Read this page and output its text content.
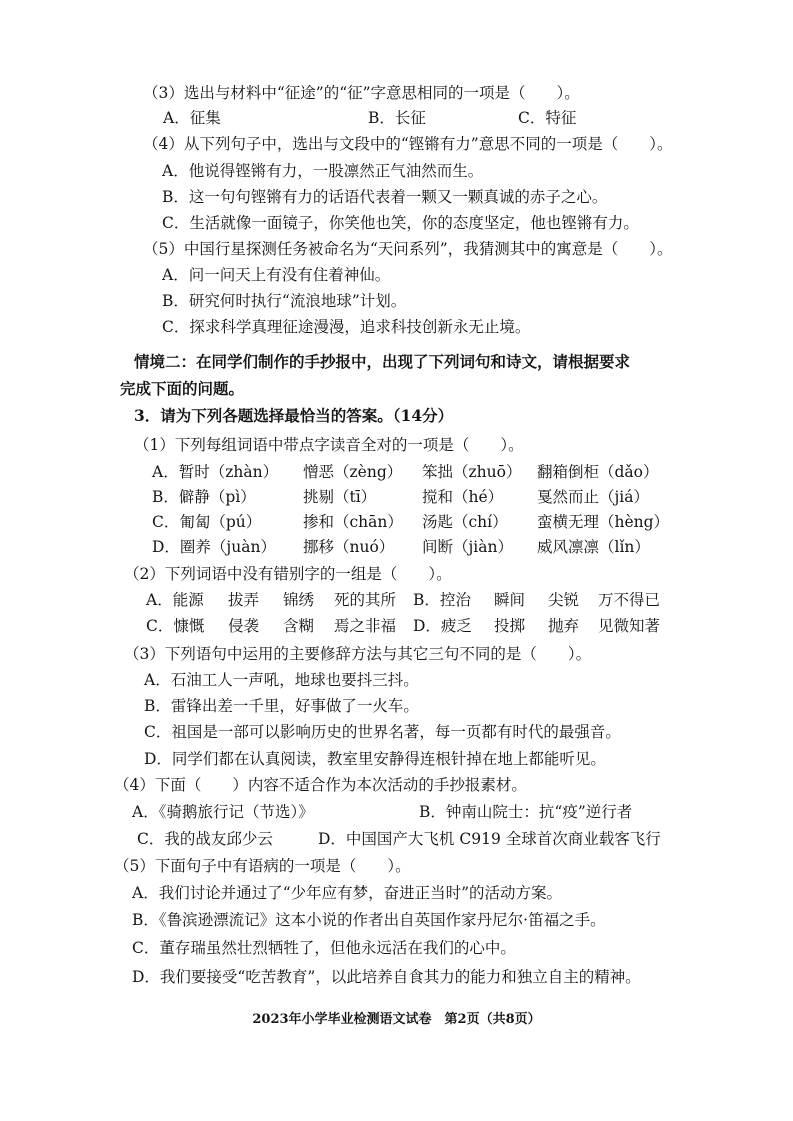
（3）选出与材料中“征途”的“征”字意思相同的一项是（　　）。
A．征集	B．长征	C．特征
（4）从下列句子中，选出与文段中的“铿锵有力”意思不同的一项是（　　）。
A．他说得铿锵有力，一股凛然正气油然而生。
B．这一句句铿锵有力的话语代表着一颗又一颗真诚的赤子之心。
C．生活就像一面镜子，你笑他也笑，你的态度坚定，他也铿锵有力。
（5）中国行星探测任务被命名为“天问系列”，我猜测其中的寓意是（　　）。
A．问一问天上有没有住着神仙。
B．研究何时执行“流浪地球”计划。
C．探求科学真理征途漫漫，追求科技创新永无止境。
情境二：在同学们制作的手抄报中，出现了下列词句和诗文，请根据要求
完成下面的问题。
3．请为下列各题选择最恰当的答案。（14分）
（1）下列每组词语中带点字读音全对的一项是（　　）。
A．暂时（zhàn） 憎恶（zèng） 笨拙（zhuō） 翻箱倒柜（dǎo）
B．僻静（pì）	挑剔（tī）	搅和（hé） 戛然而止（jiá）
C．匍匐（pú）	掺和（chān） 汤匙（chí） 蛮横无理（hèng）
D．圈养（juàn） 挪移（nuó） 间断（jiàn） 威风凛凛（lǐn）
（2）下列词语中没有错别字的一组是（　　）。
A．能源 拔弄 锦绣 死的其所 B．控治 瞬间 尖锐 万不得已
C．慷慨 侵袭 含糊 焉之非福 D．疲乏 投掷 抛弃 见微知著
（3）下列语句中运用的主要修辞方法与其它三句不同的是（　　）。
A．石油工人一声吼，地球也要抖三抖。
B．雷锋出差一千里，好事做了一火车。
C．祖国是一部可以影响历史的世界名著，每一页都有时代的最强音。
D．同学们都在认真阅读，教室里安静得连根针掉在地上都能听见。
（4）下面（　　）内容不适合作为本次活动的手抄报素材。
A．《骑鹅旅行记（节选）》	B．钟南山院士：抗“疫”逆行者
C．我的战友邱少云	D．中国国产大飞机 C919 全球首次商业载客飞行
（5）下面句子中有语病的一项是（　　）。
A．我们讨论并通过了“少年应有梦，奋进正当时”的活动方案。
B．《鲁滨逊漂流记》这本小说的作者出自英国作家丹尼尔·笛福之手。
C．董存瑞虽然壮烈牺牲了，但他永远活在我们的心中。
D．我们要接受“吃苦教育”，以此培养自食其力的能力和独立自主的精神。
2023年小学毕业检测语文试卷　第2页（共8页）
